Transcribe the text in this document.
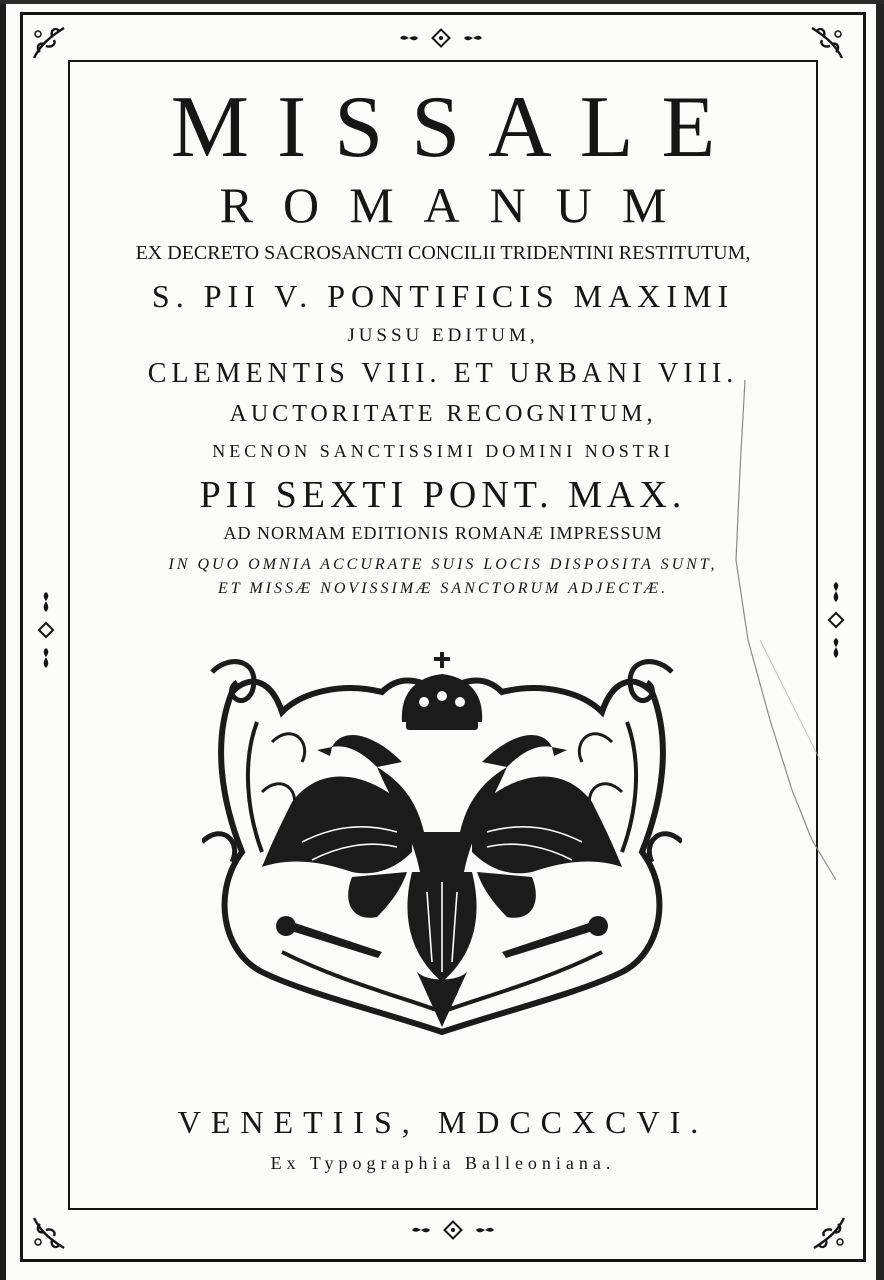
MISSALE
ROMANUM
EX DECRETO SACROSANCTI CONCILII TRIDENTINI RESTITUTUM,
S. PII V. PONTIFICIS MAXIMI
JUSSU EDITUM,
CLEMENTIS VIII. ET URBANI VIII.
AUCTORITATE RECOGNITUM,
NECNON SANCTISSIMI DOMINI NOSTRI
PII SEXTI PONT. MAX.
AD NORMAM EDITIONIS ROMANÆ IMPRESSUM
IN QUO OMNIA ACCURATE SUIS LOCIS DISPOSITA SUNT,
ET MISSÆ NOVISSIMÆ SANCTORUM ADJECTÆ.
VENETIIS, MDCCXCVI.
Ex Typographia Balleoniana.
